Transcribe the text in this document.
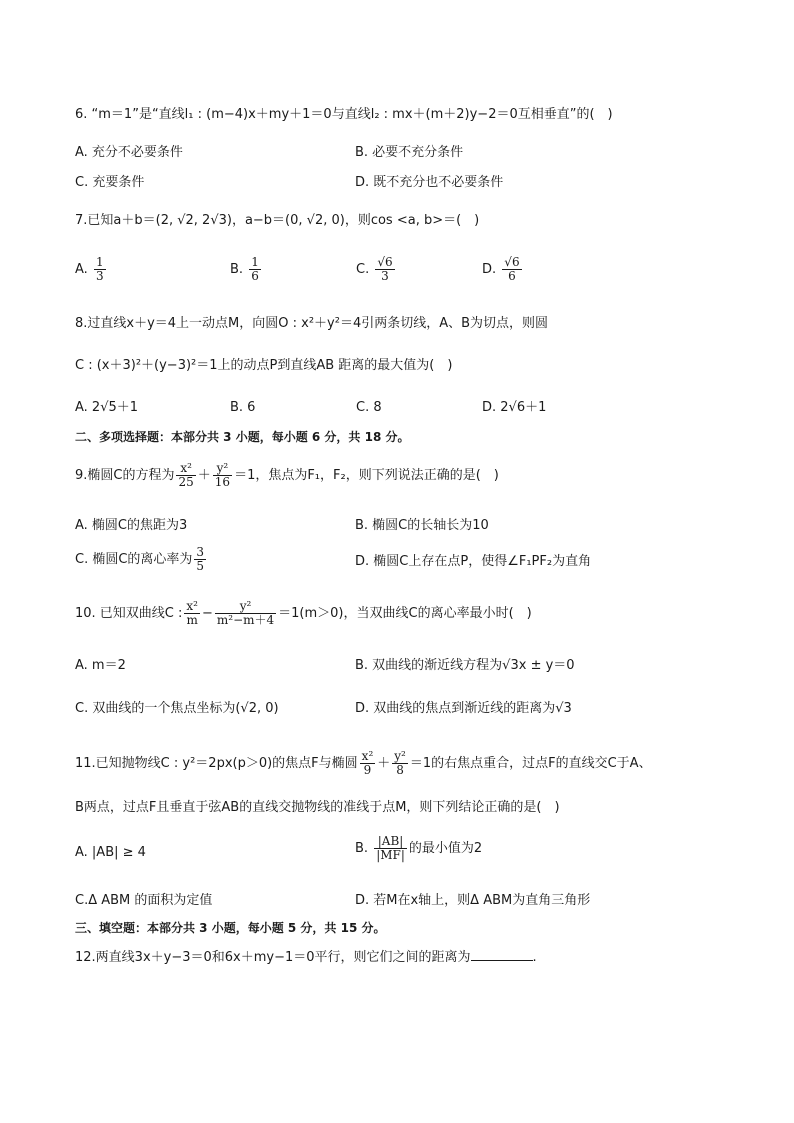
6. “m＝1”是“直线l₁ : (m−4)x＋my＋1＝0与直线l₂ : mx＋(m＋2)y−2＝0互相垂直”的(　)
A. 充分不必要条件	B. 必要不充分条件
C. 充要条件	D. 既不充分也不必要条件
7.已知a＋b＝(2, √2, 2√3)，a−b＝(0, √2, 0)，则cos <a, b>＝(　)
A. $\frac{1}{3}$	B. $\frac{1}{6}$	C. $\frac{√6}{3}$	D. $\frac{√6}{6}$
8.过直线x＋y＝4上一动点M，向圆O : x²＋y²＝4引两条切线，A、B为切点，则圆
C : (x＋3)²＋(y−3)²＝1上的动点P到直线AB 距离的最大值为(　)
A. 2√5＋1	B. 6	C. 8	D. 2√6＋1
二、多项选择题：本部分共 3 小题，每小题 6 分，共 18 分。
9.椭圆C的方程为 $\frac{\text{x²}}{25} + \frac{\text{y²}}{16} =1$，焦点为F₁，F₂，则下列说法正确的是(　)
A. 椭圆C的焦距为3	B. 椭圆C的长轴长为10
C. 椭圆C的离心率为 $\frac{3}{5}$	D. 椭圆C上存在点P，使得∠F₁PF₂为直角
10. 已知双曲线C : $\frac{\text{x²}}{m} - \frac{\text{y²}}{\text{m²−m＋4}} =1(m>0)$，当双曲线C的离心率最小时(　)
A. m＝2	B. 双曲线的渐近线方程为√3x ± y＝0
C. 双曲线的一个焦点坐标为(√2, 0)	D. 双曲线的焦点到渐近线的距离为√3
11.已知抛物线C : y²＝2px(p＞0)的焦点F与椭圆 $\frac{\text{x²}}{9} + \frac{\text{y²}}{8} =1$的右焦点重合，过点F的直线交C于A、
B两点，过点F且垂直于弦AB的直线交抛物线的准线于点M，则下列结论正确的是(　)
A. |AB| ≥ 4	B. $\frac{|AB|}{|MF|}$ 的最小值为2
C.Δ ABM 的面积为定值	D. 若M在x轴上，则Δ ABM为直角三角形
三、填空题：本部分共 3 小题，每小题 5 分，共 15 分。
12.两直线3x＋y−3＝0和6x＋my−1＝0平行，则它们之间的距离为	.
